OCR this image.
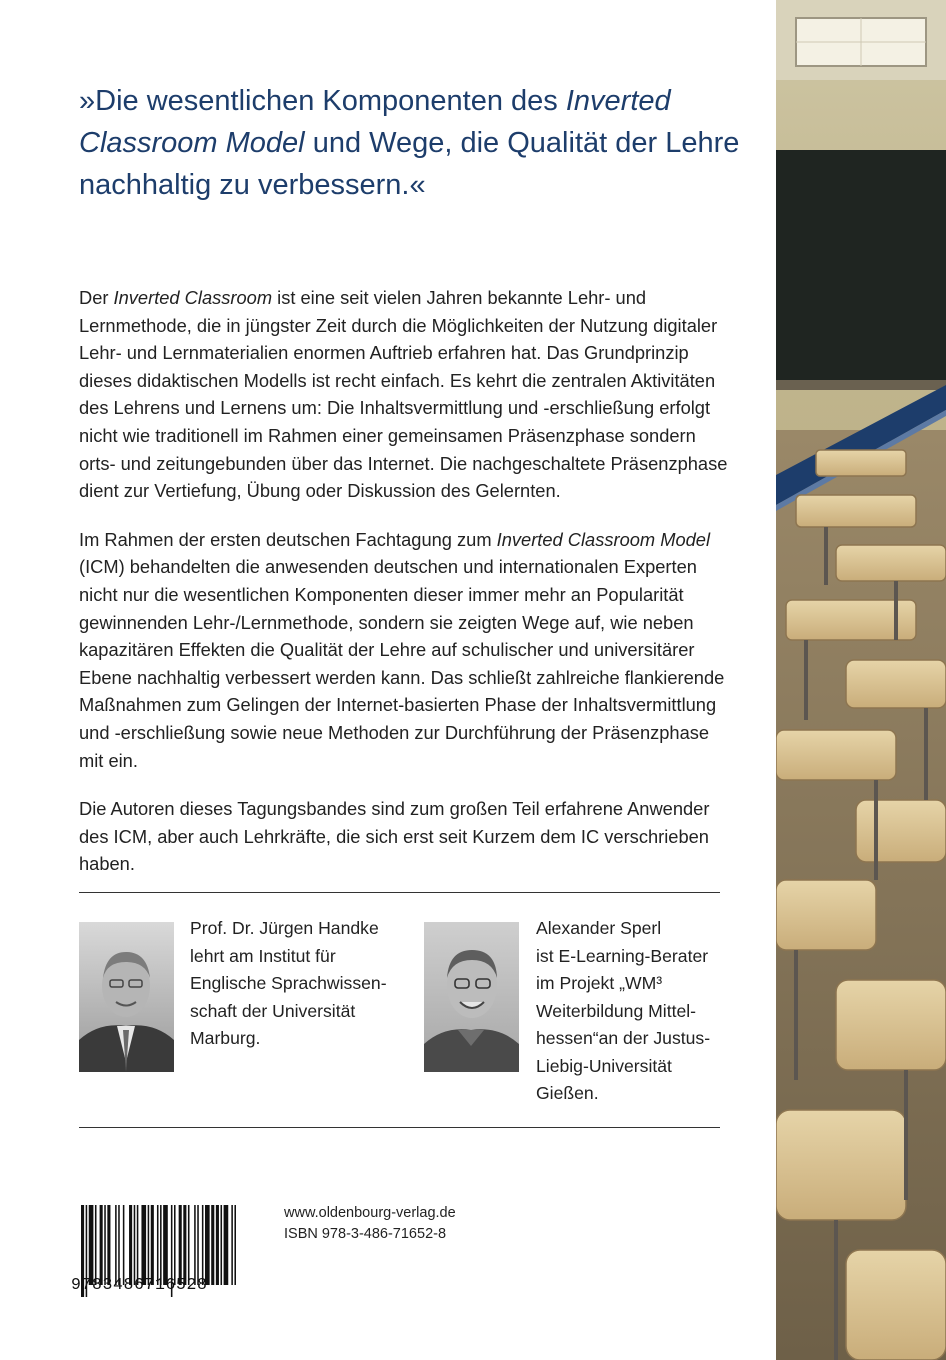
»Die wesentlichen Komponenten des Inverted Classroom Model und Wege, die Qualität der Lehre nachhaltig zu verbessern.«

Der Inverted Classroom ist eine seit vielen Jahren bekannte Lehr- und Lernmethode, die in jüngster Zeit durch die Möglichkeiten der Nutzung digitaler Lehr- und Lernmaterialien enormen Auftrieb erfahren hat. Das Grundprinzip dieses didaktischen Modells ist recht einfach. Es kehrt die zentralen Aktivitäten des Lehrens und Lernens um: Die Inhaltsvermittlung und -erschließung erfolgt nicht wie traditionell im Rahmen einer gemeinsamen Präsenzphase sondern orts- und zeitungebunden über das Internet. Die nachgeschaltete Präsenzphase dient zur Vertiefung, Übung oder Diskussion des Gelernten.

Im Rahmen der ersten deutschen Fachtagung zum Inverted Classroom Model (ICM) behandelten die anwesenden deutschen und internationalen Experten nicht nur die wesentlichen Komponenten dieser immer mehr an Popularität gewinnenden Lehr-/Lernmethode, sondern sie zeigten Wege auf, wie neben kapazitären Effekten die Qualität der Lehre auf schulischer und universitärer Ebene nachhaltig verbessert werden kann. Das schließt zahlreiche flankierende Maßnahmen zum Gelingen der Internet-basierten Phase der Inhaltsvermittlung und -erschließung sowie neue Methoden zur Durchführung der Präsenzphase mit ein.

Die Autoren dieses Tagungsbandes sind zum großen Teil erfahrene Anwender des ICM, aber auch Lehrkräfte, die sich erst seit Kurzem dem IC verschrieben haben.

Prof. Dr. Jürgen Handke
lehrt am Institut für
Englische Sprachwissen-
schaft der Universität
Marburg.

Alexander Sperl
ist E-Learning-Berater
im Projekt „WM³
Weiterbildung Mittel-
hessen“an der Justus-
Liebig-Universität
Gießen.

9783486716528
www.oldenbourg-verlag.de
ISBN 978-3-486-71652-8
